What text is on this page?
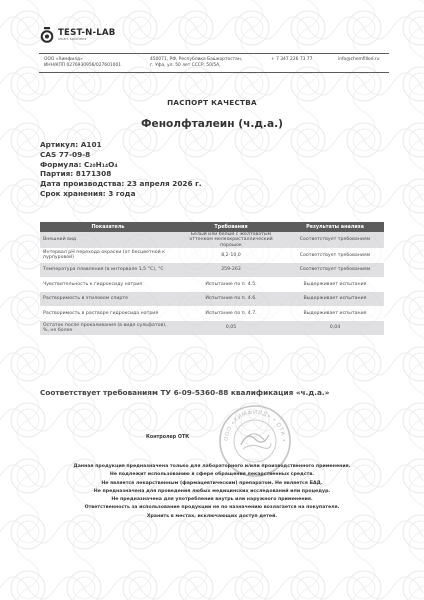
TEST-N-LAB
smart solutions
ООО «Химфилд»
ИНН/КПП 0276930956/027601001
450071, РФ, Республика Башкортостан,
г. Уфа, ул. 50 лет СССР, 50/5А,
+ 7 347 226 73 77	info@chemfilled.ru
ПАСПОРТ КАЧЕСТВА
Фенолфталеин (ч.д.а.)
Артикул: A101
CAS 77-09-8
Формула: C₂₀H₁₄O₄
Партия: 8171308
Дата производства: 23 апреля 2026 г.
Срок хранения: 3 года
Показатель	Требования	Результаты анализа
Внешний вид	Белый или белый с желтоватым оттенком мелкокристаллический порошок	Соответствует требованиям
Интервал pH перехода окраски (от бесцветной к пурпуровой)	8,2-10,0	Соответствует требованиям
Температура плавления (в интервале 1,5 °С), °С	259-263	Соответствует требованиям
Чувствительность к гидроксиду натрия	Испытание по п. 4.5.	Выдерживает испытания
Растворимость в этиловом спирте	Испытание по п. 4.6.	Выдерживает испытания
Растворимость в растворе гидроксида натрия	Испытание по п. 4.7.	Выдерживает испытания
Остаток после прокаливания (в виде сульфатов), %, не более	0,05	0,04
Соответствует требованиям ТУ 6-09-5360-88 квалификация «ч.д.а.»
Контролер ОТК	ООО «ХИМФИЛД» • ОТК •
Данная продукция предназначена только для лабораторного и/или производственного применения.
Не подлежит использованию в сфере обращения лекарственных средств.
Не является лекарственным (фармацевтическим) препаратом. Не является БАД.
Не предназначена для проведения любых медицинских исследований или процедур.
Не предназначена для употребления внутрь или наружного применения.
Ответственность за использование продукции не по назначению возлагается на покупателя.
Хранить в местах, исключающих доступ детей.
